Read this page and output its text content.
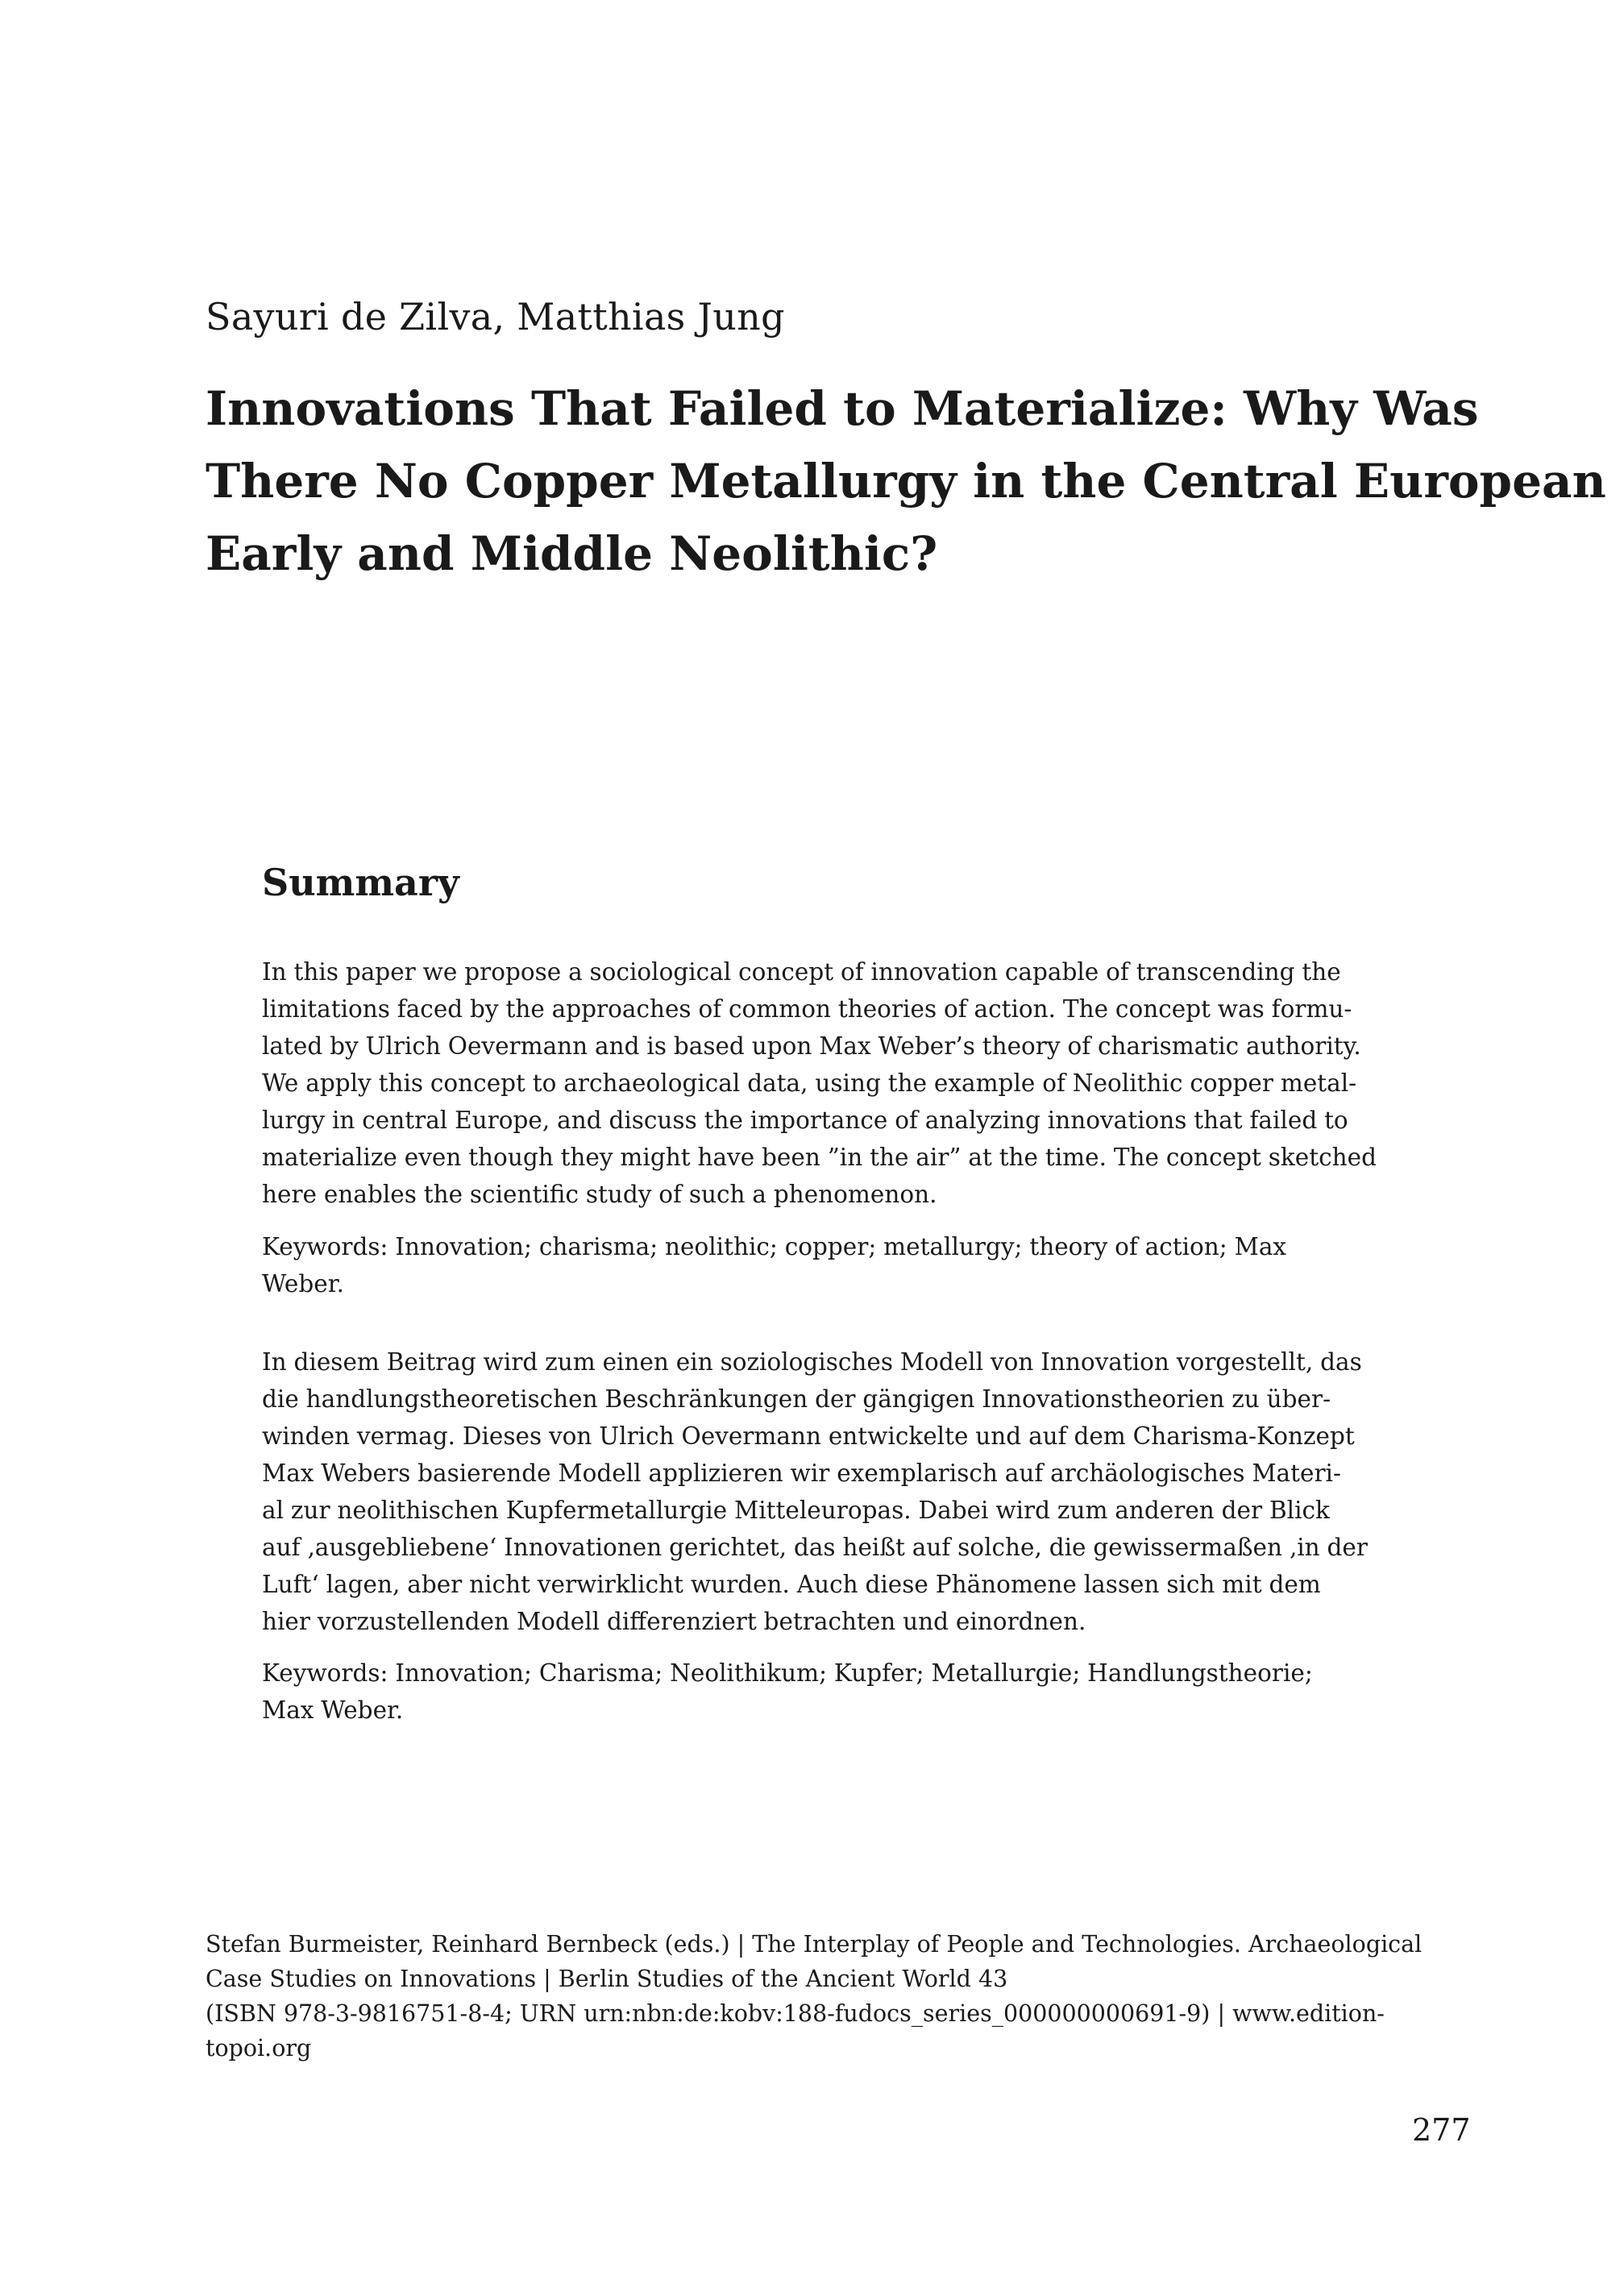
Sayuri de Zilva, Matthias Jung
Innovations That Failed to Materialize: Why Was
There No Copper Metallurgy in the Central European
Early and Middle Neolithic?
Summary

In this paper we propose a sociological concept of innovation capable of transcending the
limitations faced by the approaches of common theories of action. The concept was formu-
lated by Ulrich Oevermann and is based upon Max Weber’s theory of charismatic authority.
We apply this concept to archaeological data, using the example of Neolithic copper metal-
lurgy in central Europe, and discuss the importance of analyzing innovations that failed to
materialize even though they might have been ”in the air” at the time. The concept sketched
here enables the scientific study of such a phenomenon.

Keywords: Innovation; charisma; neolithic; copper; metallurgy; theory of action; Max
Weber.

In diesem Beitrag wird zum einen ein soziologisches Modell von Innovation vorgestellt, das
die handlungstheoretischen Beschränkungen der gängigen Innovationstheorien zu über-
winden vermag. Dieses von Ulrich Oevermann entwickelte und auf dem Charisma-Konzept
Max Webers basierende Modell applizieren wir exemplarisch auf archäologisches Materi-
al zur neolithischen Kupfermetallurgie Mitteleuropas. Dabei wird zum anderen der Blick
auf ‚ausgebliebene‘ Innovationen gerichtet, das heißt auf solche, die gewissermaßen ‚in der
Luft‘ lagen, aber nicht verwirklicht wurden. Auch diese Phänomene lassen sich mit dem
hier vorzustellenden Modell differenziert betrachten und einordnen.

Keywords: Innovation; Charisma; Neolithikum; Kupfer; Metallurgie; Handlungstheorie;
Max Weber.

Stefan Burmeister, Reinhard Bernbeck (eds.) | The Interplay of People and Technologies. Archaeological
Case Studies on Innovations | Berlin Studies of the Ancient World 43
(ISBN 978-3-9816751-8-4; URN urn:nbn:de:kobv:188-fudocs_series_000000000691-9) | www.edition-
topoi.org

277
